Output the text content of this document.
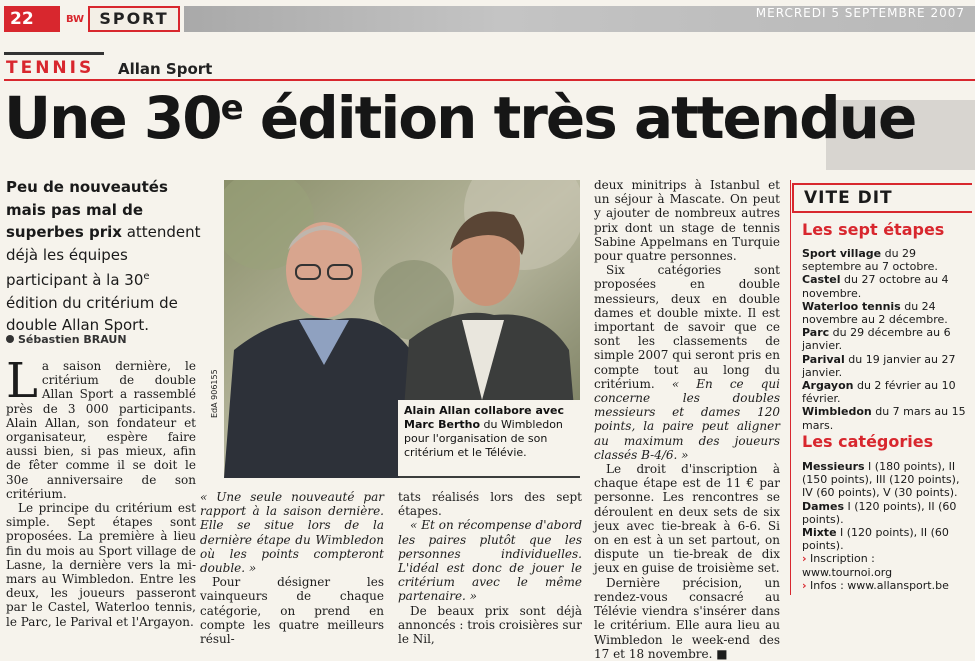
22	BW SPORT	MERCREDI 5 SEPTEMBRE 2007
TENNIS Allan Sport
Une 30e édition très attendue
Peu de nouveautés mais pas mal de superbes prix attendent déjà les équipes participant à la 30e édition du critérium de double Allan Sport.
Sébastien BRAUN

La saison dernière, le critérium de double Allan Sport a rassemblé près de 3 000 participants. Alain Allan, son fondateur et organisateur, espère faire aussi bien, si pas mieux, afin de fêter comme il se doit le 30e anniversaire de son critérium.

Le principe du critérium est simple. Sept étapes sont proposées. La première à lieu fin du mois au Sport village de Lasne, la dernière vers la mi-mars au Wimbledon. Entre les deux, les joueurs passeront par le Castel, Waterloo tennis, le Parc, le Parival et l'Argayon.

EdA 906155	Alain Allan collabore avec Marc Bertho du Wimbledon pour l'organisation de son critérium et le Télévie.

« Une seule nouveauté par rapport à la saison dernière. Elle se situe lors de la dernière étape du Wimbledon où les points compteront double. »

Pour désigner les vainqueurs de chaque catégorie, on prend en compte les quatre meilleurs résul-

tats réalisés lors des sept étapes.

« Et on récompense d'abord les paires plutôt que les personnes individuelles. L'idéal est donc de jouer le critérium avec le même partenaire. »

De beaux prix sont déjà annoncés : trois croisières sur le Nil,

deux minitrips à Istanbul et un séjour à Mascate. On peut y ajouter de nombreux autres prix dont un stage de tennis Sabine Appelmans en Turquie pour quatre personnes.

Six catégories sont proposées en double messieurs, deux en double dames et double mixte. Il est important de savoir que ce sont les classements de simple 2007 qui seront pris en compte tout au long du critérium. « En ce qui concerne les doubles messieurs et dames 120 points, la paire peut aligner au maximum des joueurs classés B-4/6. »

Le droit d'inscription à chaque étape est de 11 € par personne. Les rencontres se déroulent en deux sets de six jeux avec tie-break à 6-6. Si on en est à un set partout, on dispute un tie-break de dix jeux en guise de troisième set.

Dernière précision, un rendez-vous consacré au Télévie viendra s'insérer dans le critérium. Elle aura lieu au Wimbledon le week-end des 17 et 18 novembre. ■

VITE DIT
Les sept étapes

Sport village du 29 septembre au 7 octobre.

Castel du 27 octobre au 4 novembre.

Waterloo tennis du 24 novembre au 2 décembre.

Parc du 29 décembre au 6 janvier.

Parival du 19 janvier au 27 janvier.

Argayon du 2 février au 10 février.

Wimbledon du 7 mars au 15 mars.

Les catégories

Messieurs I (180 points), II (150 points), III (120 points), IV (60 points), V (30 points).

Dames I (120 points), II (60 points).

Mixte I (120 points), II (60 points).

› Inscription : www.tournoi.org

› Infos : www.allansport.be
